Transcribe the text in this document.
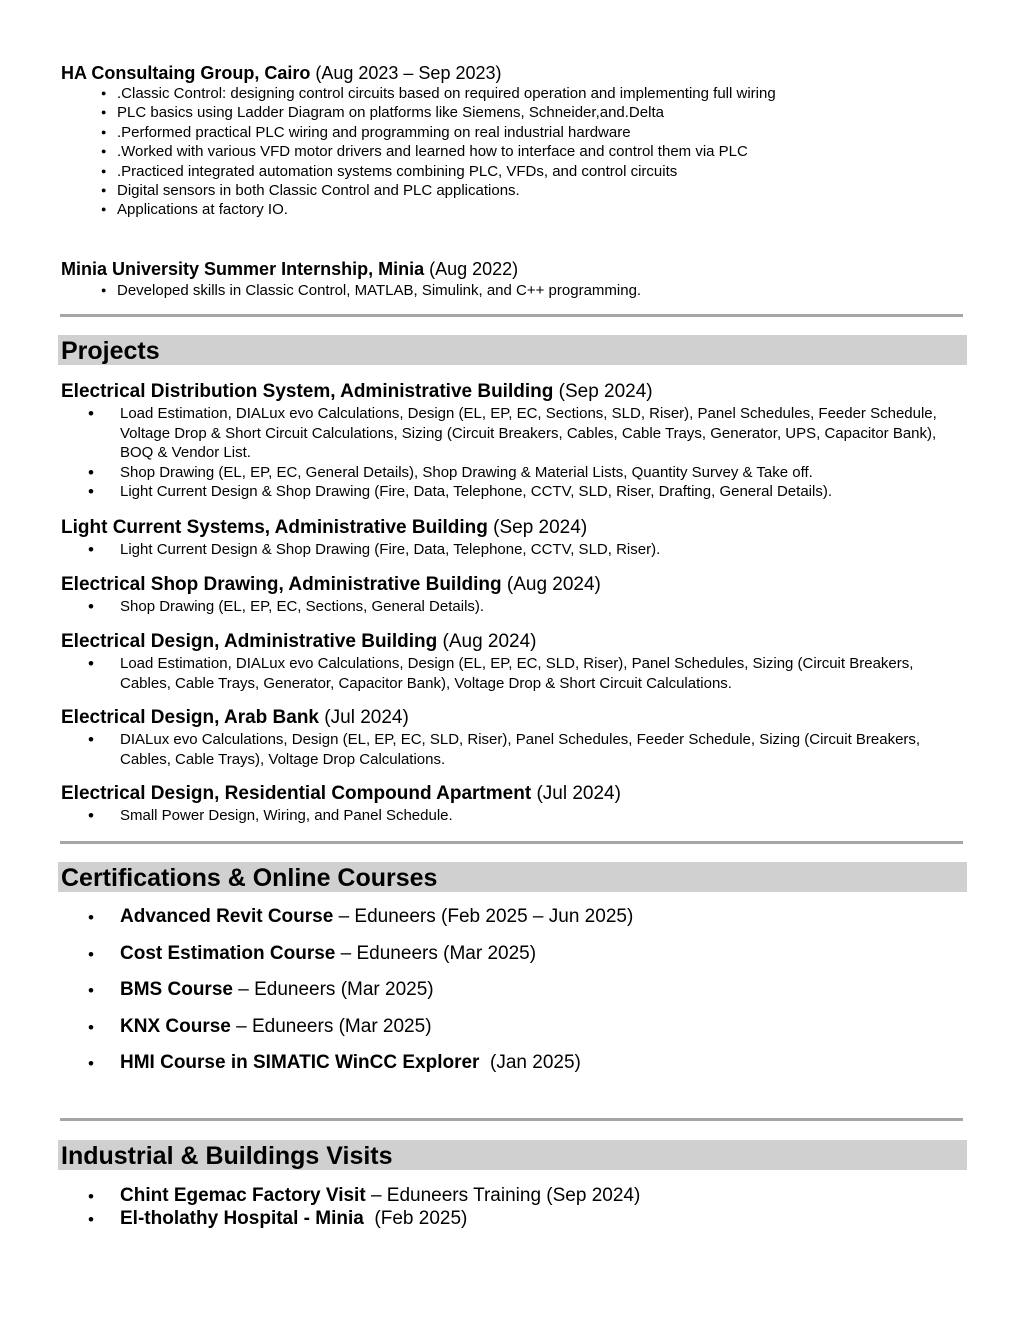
HA Consultaing Group, Cairo (Aug 2023 – Sep 2023)
● .Classic Control: designing control circuits based on required operation and implementing full wiring
● PLC basics using Ladder Diagram on platforms like Siemens, Schneider,and.Delta
● .Performed practical PLC wiring and programming on real industrial hardware
● .Worked with various VFD motor drivers and learned how to interface and control them via PLC
● .Practiced integrated automation systems combining PLC, VFDs, and control circuits
● Digital sensors in both Classic Control and PLC applications.
● Applications at factory IO.
Minia University Summer Internship, Minia (Aug 2022)
● Developed skills in Classic Control, MATLAB, Simulink, and C++ programming.
Projects
Electrical Distribution System, Administrative Building (Sep 2024)
• Load Estimation, DIALux evo Calculations, Design (EL, EP, EC, Sections, SLD, Riser), Panel Schedules, Feeder Schedule, Voltage Drop & Short Circuit Calculations, Sizing (Circuit Breakers, Cables, Cable Trays, Generator, UPS, Capacitor Bank), BOQ & Vendor List.
• Shop Drawing (EL, EP, EC, General Details), Shop Drawing & Material Lists, Quantity Survey & Take off.
• Light Current Design & Shop Drawing (Fire, Data, Telephone, CCTV, SLD, Riser, Drafting, General Details).
Light Current Systems, Administrative Building (Sep 2024)
• Light Current Design & Shop Drawing (Fire, Data, Telephone, CCTV, SLD, Riser).
Electrical Shop Drawing, Administrative Building (Aug 2024)
• Shop Drawing (EL, EP, EC, Sections, General Details).
Electrical Design, Administrative Building (Aug 2024)
• Load Estimation, DIALux evo Calculations, Design (EL, EP, EC, SLD, Riser), Panel Schedules, Sizing (Circuit Breakers, Cables, Cable Trays, Generator, Capacitor Bank), Voltage Drop & Short Circuit Calculations.
Electrical Design, Arab Bank (Jul 2024)
• DIALux evo Calculations, Design (EL, EP, EC, SLD, Riser), Panel Schedules, Feeder Schedule, Sizing (Circuit Breakers, Cables, Cable Trays), Voltage Drop Calculations.
Electrical Design, Residential Compound Apartment (Jul 2024)
• Small Power Design, Wiring, and Panel Schedule.
Certifications & Online Courses
• Advanced Revit Course – Eduneers (Feb 2025 – Jun 2025)
• Cost Estimation Course – Eduneers (Mar 2025)
• BMS Course – Eduneers (Mar 2025)
• KNX Course – Eduneers (Mar 2025)
• HMI Course in SIMATIC WinCC Explorer  (Jan 2025)
Industrial & Buildings Visits
• Chint Egemac Factory Visit – Eduneers Training (Sep 2024)
• El-tholathy Hospital - Minia  (Feb 2025)
